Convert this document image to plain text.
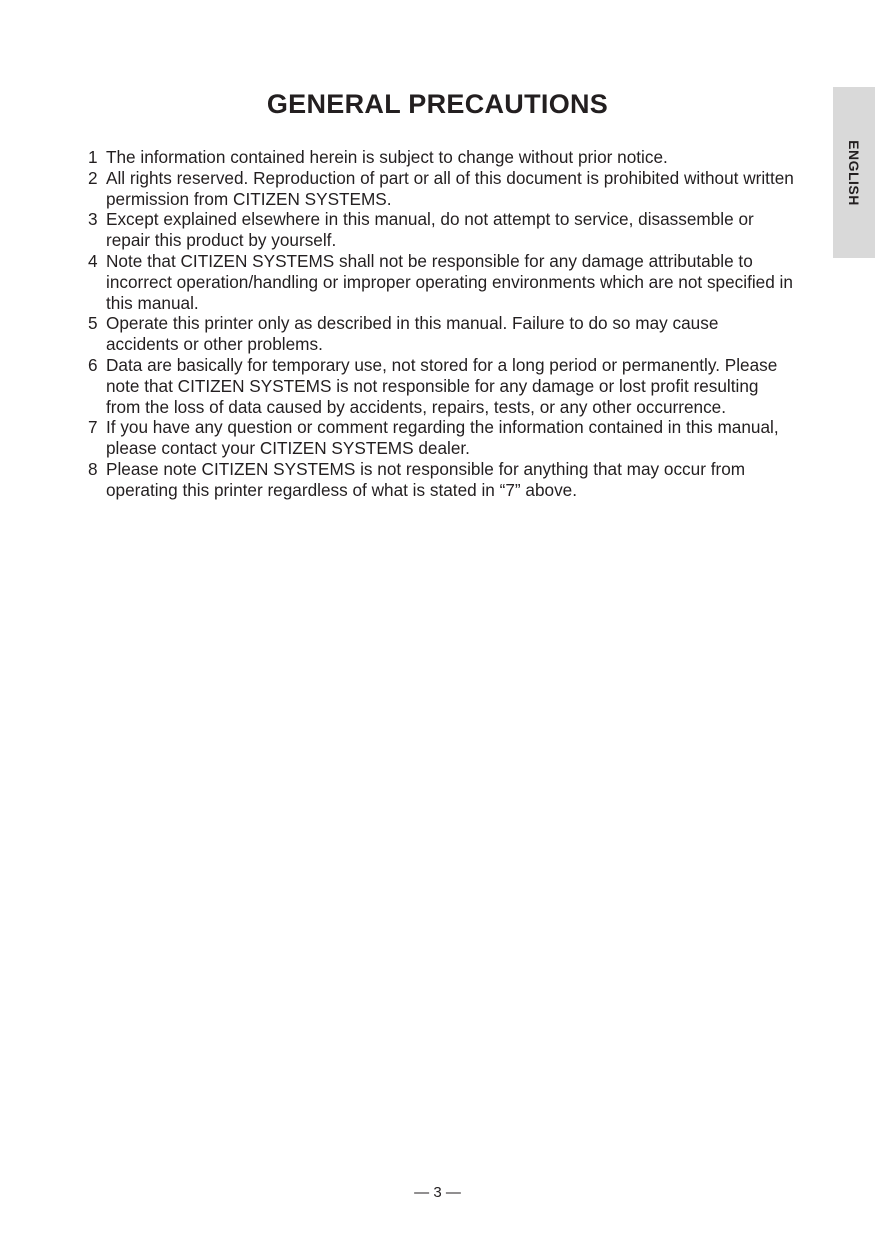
GENERAL PRECAUTIONS
ENGLISH
1 The information contained herein is subject to change without prior notice.
2 All rights reserved. Reproduction of part or all of this document is prohibited without written permission from CITIZEN SYSTEMS.
3 Except explained elsewhere in this manual, do not attempt to service, disassemble or repair this product by yourself.
4 Note that CITIZEN SYSTEMS shall not be responsible for any damage attributable to incorrect operation/handling or improper operating environments which are not specified in this manual.
5 Operate this printer only as described in this manual. Failure to do so may cause accidents or other problems.
6 Data are basically for temporary use, not stored for a long period or permanently. Please note that CITIZEN SYSTEMS is not responsible for any damage or lost profit resulting from the loss of data caused by accidents, repairs, tests, or any other occurrence.
7 If you have any question or comment regarding the information contained in this manual, please contact your CITIZEN SYSTEMS dealer.
8 Please note CITIZEN SYSTEMS is not responsible for anything that may occur from operating this printer regardless of what is stated in “7” above.
— 3 —
